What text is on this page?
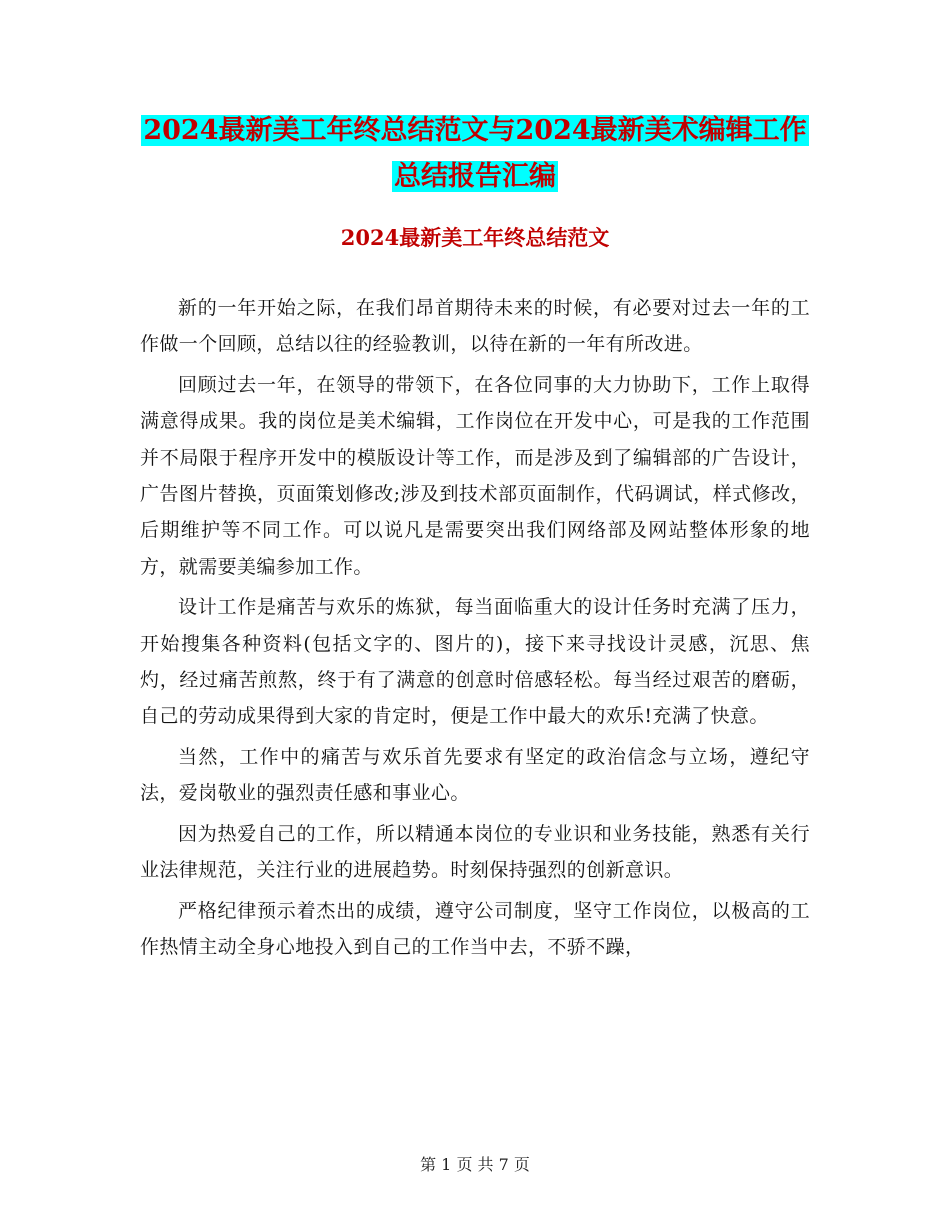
2024最新美工年终总结范文与2024最新美术编辑工作
总结报告汇编
2024最新美工年终总结范文

新的一年开始之际，在我们昂首期待未来的时候，有必要对过去一年的工作做一个回顾，总结以往的经验教训，以待在新的一年有所改进。

回顾过去一年，在领导的带领下，在各位同事的大力协助下，工作上取得满意得成果。我的岗位是美术编辑，工作岗位在开发中心，可是我的工作范围并不局限于程序开发中的模版设计等工作，而是涉及到了编辑部的广告设计，广告图片替换，页面策划修改;涉及到技术部页面制作，代码调试，样式修改，后期维护等不同工作。可以说凡是需要突出我们网络部及网站整体形象的地方，就需要美编参加工作。

设计工作是痛苦与欢乐的炼狱，每当面临重大的设计任务时充满了压力，开始搜集各种资料(包括文字的、图片的)，接下来寻找设计灵感，沉思、焦灼，经过痛苦煎熬，终于有了满意的创意时倍感轻松。每当经过艰苦的磨砺，自己的劳动成果得到大家的肯定时，便是工作中最大的欢乐!充满了快意。

当然，工作中的痛苦与欢乐首先要求有坚定的政治信念与立场，遵纪守法，爱岗敬业的强烈责任感和事业心。

因为热爱自己的工作，所以精通本岗位的专业识和业务技能，熟悉有关行业法律规范，关注行业的进展趋势。时刻保持强烈的创新意识。

严格纪律预示着杰出的成绩，遵守公司制度，坚守工作岗位，以极高的工作热情主动全身心地投入到自己的工作当中去，不骄不躁，

第 1 页 共 7 页
